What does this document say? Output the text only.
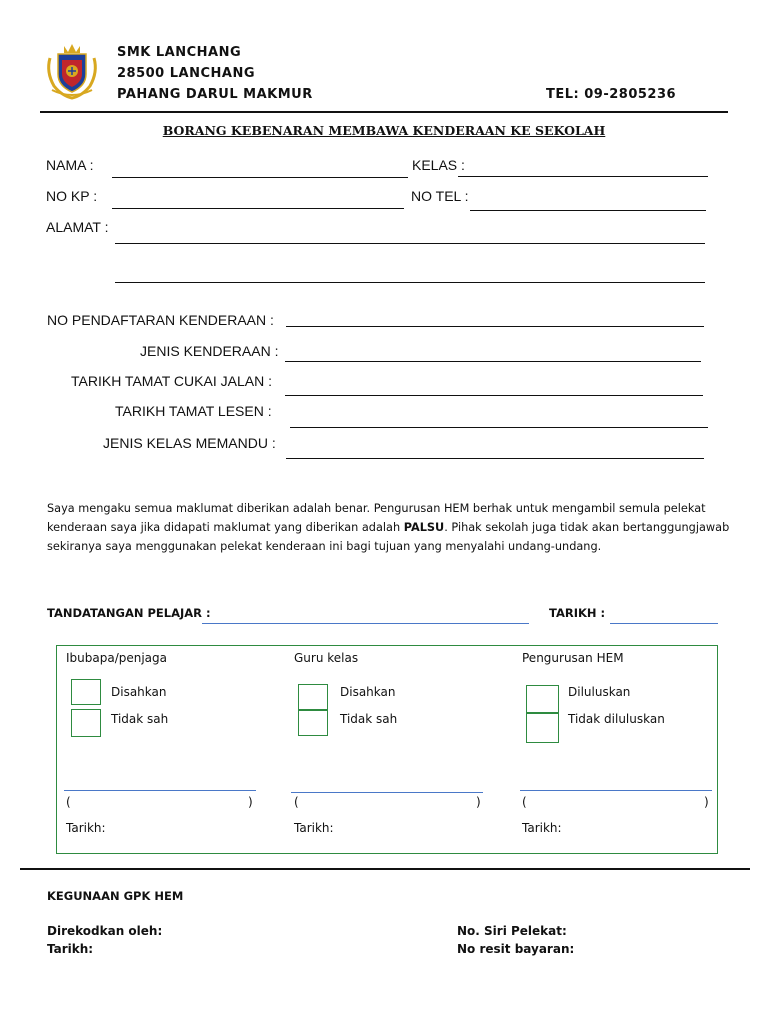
SMK LANCHANG
28500 LANCHANG
PAHANG DARUL MAKMUR	TEL: 09-2805236
BORANG KEBENARAN MEMBAWA KENDERAAN KE SEKOLAH
NAMA :	KELAS :
NO KP :	NO TEL :
ALAMAT :
NO PENDAFTARAN KENDERAAN :
JENIS KENDERAAN :
TARIKH TAMAT CUKAI JALAN :
TARIKH TAMAT LESEN :
JENIS KELAS MEMANDU :
Saya mengaku semua maklumat diberikan adalah benar. Pengurusan HEM berhak untuk mengambil semula pelekat
kenderaan saya jika didapati maklumat yang diberikan adalah PALSU. Pihak sekolah juga tidak akan bertanggungjawab
sekiranya saya menggunakan pelekat kenderaan ini bagi tujuan yang menyalahi undang-undang.
TANDATANGAN PELAJAR :	TARIKH :
Ibubapa/penjaga
Disahkan
Tidak sah
(	)
Tarikh:
Guru kelas
Disahkan
Tidak sah
(	)
Tarikh:
Pengurusan HEM
Diluluskan
Tidak diluluskan
(	)
Tarikh:
KEGUNAAN GPK HEM
Direkodkan oleh:
Tarikh:
No. Siri Pelekat:
No resit bayaran:
